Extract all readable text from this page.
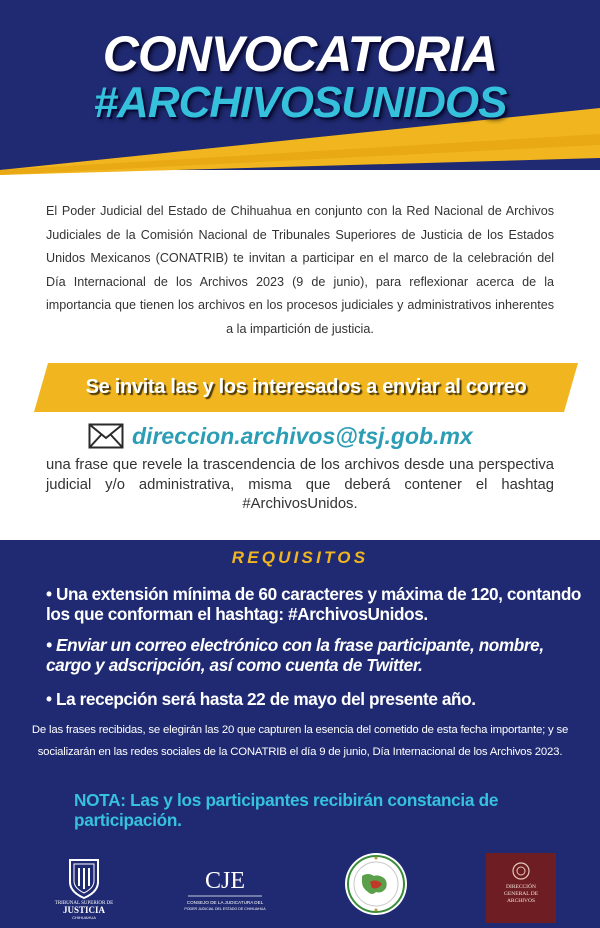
CONVOCATORIA
#ARCHIVOSUNIDOS
El Poder Judicial del Estado de Chihuahua en conjunto con la Red Nacional de Archivos Judiciales de la Comisión Nacional de Tribunales Superiores de Justicia de los Estados Unidos Mexicanos (CONATRIB) te invitan a participar en el marco de la celebración del Día Internacional de los Archivos 2023 (9 de junio), para reflexionar acerca de la importancia que tienen los archivos en los procesos judiciales y administrativos inherentes a la impartición de justicia.
Se invita las y los interesados a enviar al correo
direccion.archivos@tsj.gob.mx
una frase que revele la trascendencia de los archivos desde una perspectiva judicial y/o administrativa, misma que deberá contener el hashtag #ArchivosUnidos.
REQUISITOS
• Una extensión mínima de 60 caracteres y máxima de 120, contando los que conforman el hashtag: #ArchivosUnidos.
• Enviar un correo electrónico con la frase participante, nombre, cargo y adscripción, así como cuenta de Twitter.
• La recepción será hasta 22 de mayo del presente año.
De las frases recibidas, se elegirán las 20 que capturen la esencia del cometido de esta fecha importante; y se socializarán en las redes sociales de la CONATRIB el día 9 de junio, Día Internacional de los Archivos 2023.
NOTA: Las y los participantes recibirán constancia de participación.
TRIBUNAL SUPERIOR DE
JUSTICIA
CHIHUAHUA
CJE
CONSEJO DE LA JUDICATURA DEL
PODER JUDICIAL DEL ESTADO DE CHIHUAHUA
DIRECCIÓN
GENERAL DE
ARCHIVOS
